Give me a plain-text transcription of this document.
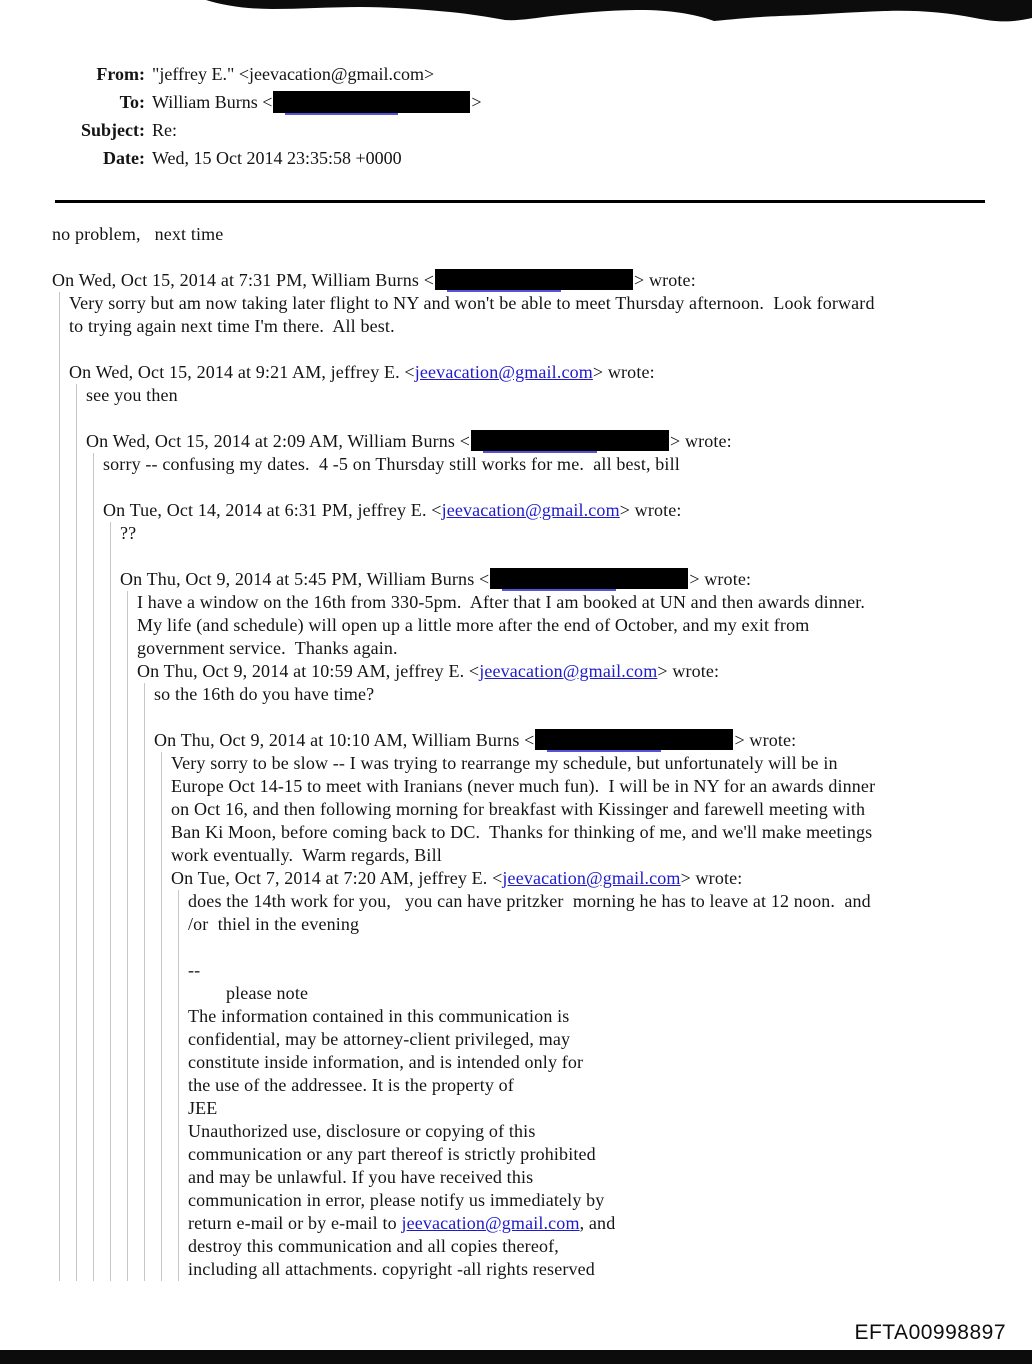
From: "jeffrey E." <jeevacation@gmail.com>
To: William Burns <	>
Subject: Re:
Date: Wed, 15 Oct 2014 23:35:58 +0000
no problem,   next time
On Wed, Oct 15, 2014 at 7:31 PM, William Burns <	> wrote:
Very sorry but am now taking later flight to NY and won't be able to meet Thursday afternoon.  Look forward
to trying again next time I'm there.  All best.
On Wed, Oct 15, 2014 at 9:21 AM, jeffrey E. <jeevacation@gmail.com> wrote:
see you then
On Wed, Oct 15, 2014 at 2:09 AM, William Burns <	> wrote:
sorry -- confusing my dates.  4 -5 on Thursday still works for me.  all best, bill
On Tue, Oct 14, 2014 at 6:31 PM, jeffrey E. <jeevacation@gmail.com> wrote:
??
On Thu, Oct 9, 2014 at 5:45 PM, William Burns <	> wrote:
I have a window on the 16th from 330-5pm.  After that I am booked at UN and then awards dinner.
My life (and schedule) will open up a little more after the end of October, and my exit from
government service.  Thanks again.
On Thu, Oct 9, 2014 at 10:59 AM, jeffrey E. <jeevacation@gmail.com> wrote:
so the 16th do you have time?
On Thu, Oct 9, 2014 at 10:10 AM, William Burns <	> wrote:
Very sorry to be slow -- I was trying to rearrange my schedule, but unfortunately will be in
Europe Oct 14-15 to meet with Iranians (never much fun).  I will be in NY for an awards dinner
on Oct 16, and then following morning for breakfast with Kissinger and farewell meeting with
Ban Ki Moon, before coming back to DC.  Thanks for thinking of me, and we'll make meetings
work eventually.  Warm regards, Bill
On Tue, Oct 7, 2014 at 7:20 AM, jeffrey E. <jeevacation@gmail.com> wrote:
does the 14th work for you,   you can have pritzker  morning he has to leave at 12 noon.  and
/or  thiel in the evening
--
please note
The information contained in this communication is
confidential, may be attorney-client privileged, may
constitute inside information, and is intended only for
the use of the addressee. It is the property of
JEE
Unauthorized use, disclosure or copying of this
communication or any part thereof is strictly prohibited
and may be unlawful. If you have received this
communication in error, please notify us immediately by
return e-mail or by e-mail to jeevacation@gmail.com, and
destroy this communication and all copies thereof,
including all attachments. copyright -all rights reserved
EFTA00998897
